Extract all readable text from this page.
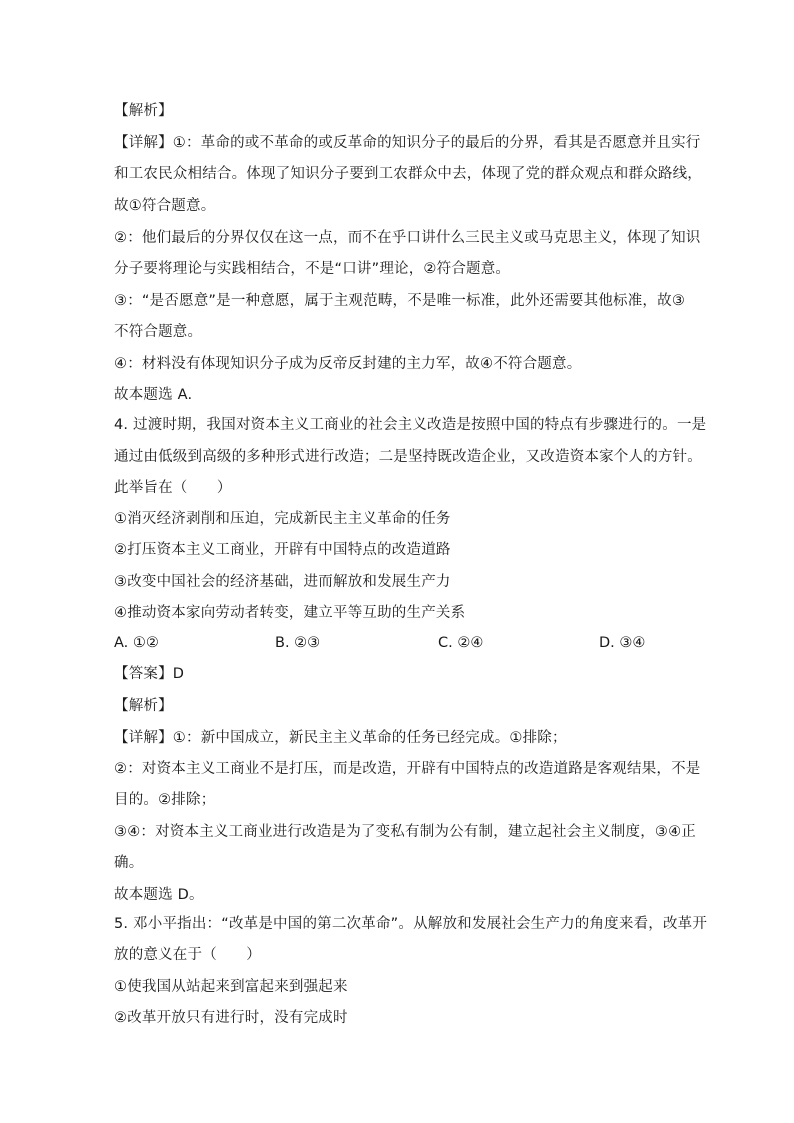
【解析】
【详解】①：革命的或不革命的或反革命的知识分子的最后的分界，看其是否愿意并且实行
和工农民众相结合。体现了知识分子要到工农群众中去，体现了党的群众观点和群众路线，
故①符合题意。
②：他们最后的分界仅仅在这一点，而不在乎口讲什么三民主义或马克思主义，体现了知识
分子要将理论与实践相结合，不是“口讲”理论，②符合题意。
③：“是否愿意”是一种意愿，属于主观范畴，不是唯一标准，此外还需要其他标准，故③
不符合题意。
④：材料没有体现知识分子成为反帝反封建的主力军，故④不符合题意。
故本题选 A.
4. 过渡时期，我国对资本主义工商业的社会主义改造是按照中国的特点有步骤进行的。一是
通过由低级到高级的多种形式进行改造；二是坚持既改造企业，又改造资本家个人的方针。
此举旨在（　　）
①消灭经济剥削和压迫，完成新民主主义革命的任务
②打压资本主义工商业，开辟有中国特点的改造道路
③改变中国社会的经济基础，进而解放和发展生产力
④推动资本家向劳动者转变，建立平等互助的生产关系
A. ①②	B. ②③	C. ②④	D. ③④
【答案】D
【解析】
【详解】①：新中国成立，新民主主义革命的任务已经完成。①排除；
②：对资本主义工商业不是打压，而是改造，开辟有中国特点的改造道路是客观结果，不是
目的。②排除；
③④：对资本主义工商业进行改造是为了变私有制为公有制，建立起社会主义制度，③④正
确。
故本题选 D。
5. 邓小平指出：“改革是中国的第二次革命”。从解放和发展社会生产力的角度来看，改革开
放的意义在于（　　）
①使我国从站起来到富起来到强起来
②改革开放只有进行时，没有完成时
